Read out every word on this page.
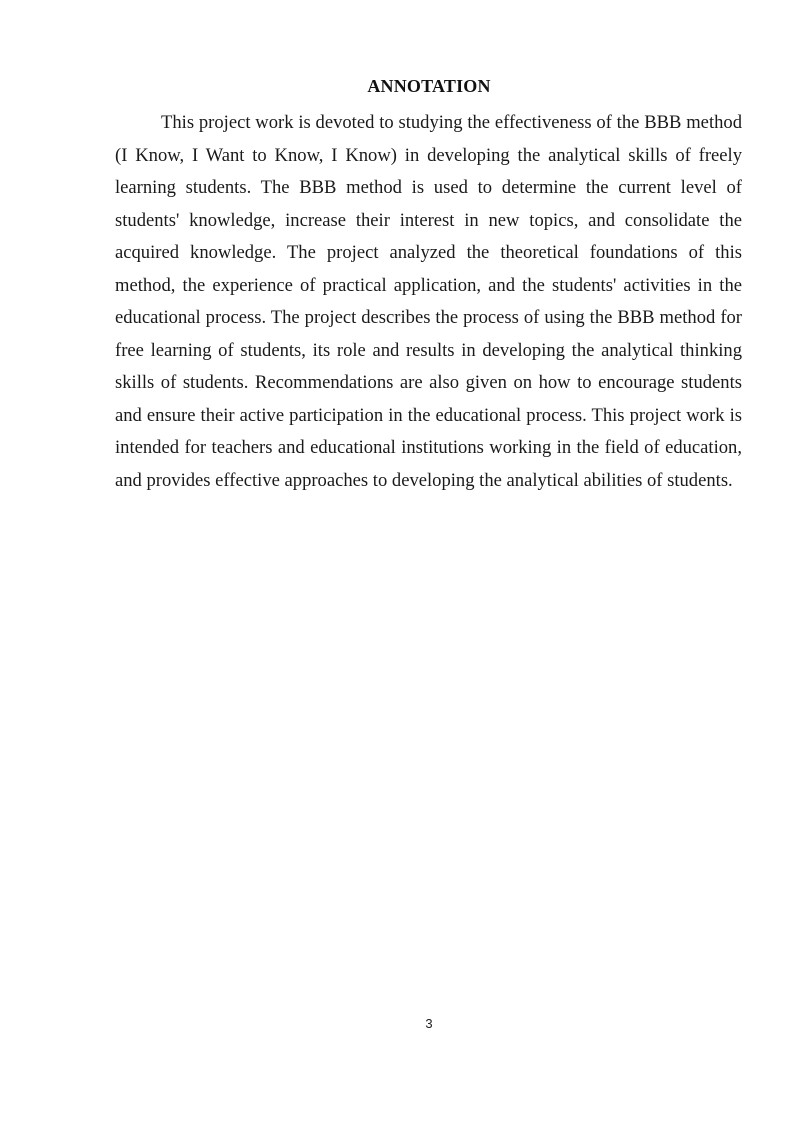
ANNOTATION

This project work is devoted to studying the effectiveness of the BBB method (I Know, I Want to Know, I Know) in developing the analytical skills of freely learning students. The BBB method is used to determine the current level of students' knowledge, increase their interest in new topics, and consolidate the acquired knowledge. The project analyzed the theoretical foundations of this method, the experience of practical application, and the students' activities in the educational process. The project describes the process of using the BBB method for free learning of students, its role and results in developing the analytical thinking skills of students. Recommendations are also given on how to encourage students and ensure their active participation in the educational process. This project work is intended for teachers and educational institutions working in the field of education, and provides effective approaches to developing the analytical abilities of students.

3
